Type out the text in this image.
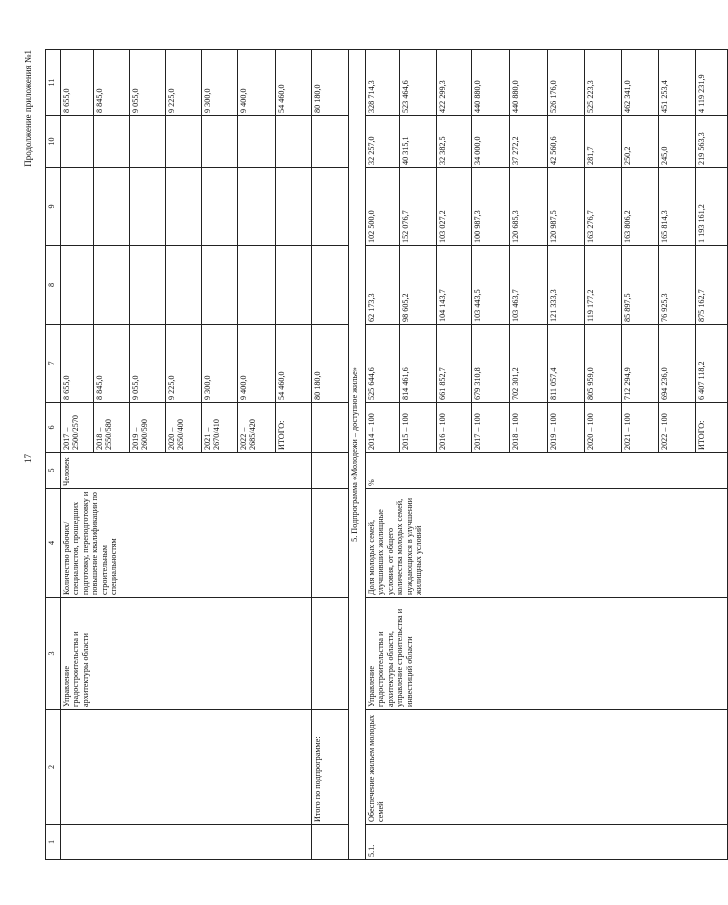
17
Продолжение приложения №1
1	2	3	4	5	6	7	8	9	10	11
		Управление градостроительства и архитектуры области	Количество рабочих/ специалистов, прошедших подготовку, переподготовку и повышение квалификации по строительным специальностям	Человек	2017 – 2500/2570	8 655,0				8 655,0
					2018 – 2550/580	8 845,0				8 845,0
					2019 – 2600/590	9 055,0				9 055,0
					2020 – 2650/400	9 225,0				9 225,0
					2021 – 2670/410	9 300,0				9 300,0
					2022 – 2685/420	9 400,0				9 400,0
					ИТОГО:	54 460,0				54 460,0
	Итого по подпрограмме:					80 180,0				80 180,0
5. Подпрограмма «Молодежи – доступное жилье»										
5.1.	Обеспечение жильем молодых семей	Управление градостроительства и архитектуры области, управление строительства и инвестиций области	Доля молодых семей, улучшивших жилищные условия, от общего количества молодых семей, нуждающихся в улучшении жилищных условий	%	2014 – 100	525 644,6	62 173,3	102 500,0	32 257,0	328 714,3
					2015 – 100	814 461,6	98 605,2	152 076,7	40 315,1	523 464,6
					2016 – 100	661 852,7	104 143,7	103 027,2	32 382,5	422 299,3
					2017 – 100	679 310,8	103 443,5	100 987,3	34 000,0	440 880,0
					2018 – 100	702 301,2	103 463,7	120 685,3	37 272,2	440 880,0
					2019 – 100	811 057,4	121 333,3	120 987,5	42 560,6	526 176,0
					2020 – 100	805 959,0	119 177,2	163 276,7	281,7	525 223,3
					2021 – 100	712 294,9	85 897,5	163 806,2	250,2	462 341,0
					2022 – 100	694 236,0	76 925,3	165 814,3	245,0	451 253,4
					ИТОГО:	6 407 118,2	875 162,7	1 193 161,2	219 563,3	4 119 231,9
